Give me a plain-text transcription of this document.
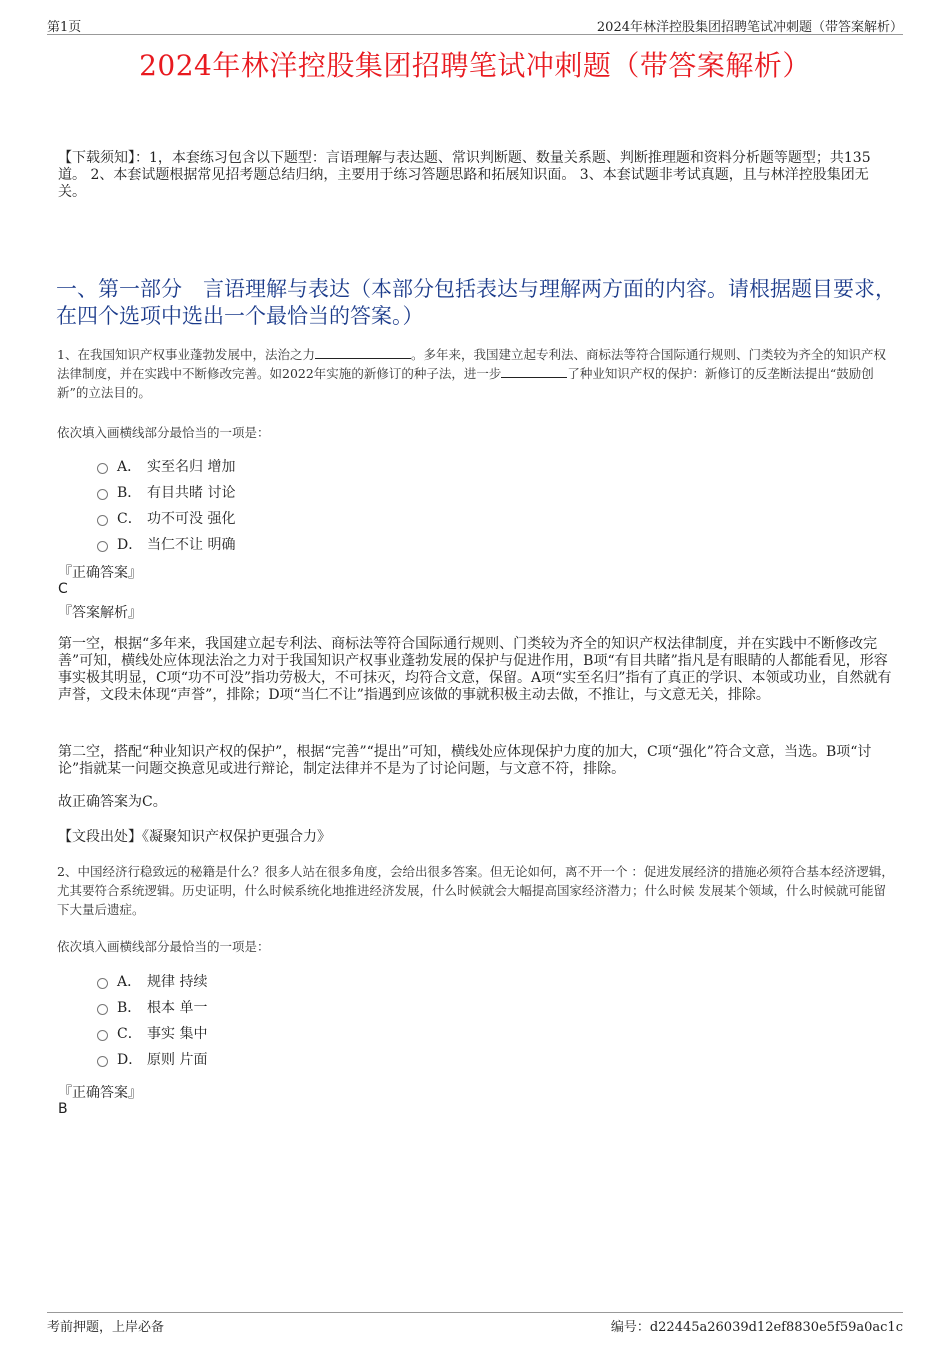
第1页	2024年林洋控股集团招聘笔试冲刺题（带答案解析）
2024年林洋控股集团招聘笔试冲刺题（带答案解析）
【下载须知】：1，本套练习包含以下题型：言语理解与表达题、常识判断题、数量关系题、判断推理题和资料分析题等题型；共135道。 2、本套试题根据常见招考题总结归纳，主要用于练习答题思路和拓展知识面。 3、本套试题非考试真题，且与林洋控股集团无关。
一、第一部分　言语理解与表达（本部分包括表达与理解两方面的内容。请根据题目要求，在四个选项中选出一个最恰当的答案。）
1、在我国知识产权事业蓬勃发展中，法治之力	。多年来，我国建立起专利法、商标法等符合国际通行规则、门类较为齐全的知识产权法律制度，并在实践中不断修改完善。如2022年实施的新修订的种子法，进一步	了种业知识产权的保护：新修订的反垄断法提出“鼓励创新”的立法目的。
依次填入画横线部分最恰当的一项是：
A． 实至名归 增加
B． 有目共睹 讨论
C． 功不可没 强化
D． 当仁不让 明确
『正确答案』
C
『答案解析』
第一空，根据“多年来，我国建立起专利法、商标法等符合国际通行规则、门类较为齐全的知识产权法律制度，并在实践中不断修改完善”可知，横线处应体现法治之力对于我国知识产权事业蓬勃发展的保护与促进作用，B项“有目共睹”指凡是有眼睛的人都能看见，形容事实极其明显，C项“功不可没”指功劳极大，不可抹灭，均符合文意，保留。A项“实至名归”指有了真正的学识、本领或功业，自然就有声誉，文段未体现“声誉”，排除；D项“当仁不让”指遇到应该做的事就积极主动去做，不推让，与文意无关，排除。
第二空，搭配“种业知识产权的保护”，根据“完善”“提出”可知，横线处应体现保护力度的加大，C项“强化”符合文意，当选。B项“讨论”指就某一问题交换意见或进行辩论，制定法律并不是为了讨论问题，与文意不符，排除。
故正确答案为C。
【文段出处】《凝聚知识产权保护更强合力》
2、中国经济行稳致远的秘籍是什么？很多人站在很多角度，会给出很多答案。但无论如何，离不开一个 ：促进发展经济的措施必须符合基本经济逻辑，尤其要符合系统逻辑。历史证明，什么时候系统化地推进经济发展，什么时候就会大幅提高国家经济潜力；什么时候 发展某个领域，什么时候就可能留下大量后遗症。
依次填入画横线部分最恰当的一项是：
A． 规律 持续
B． 根本 单一
C． 事实 集中
D． 原则 片面
『正确答案』
B
考前押题，上岸必备	编号：d22445a26039d12ef8830e5f59a0ac1c
